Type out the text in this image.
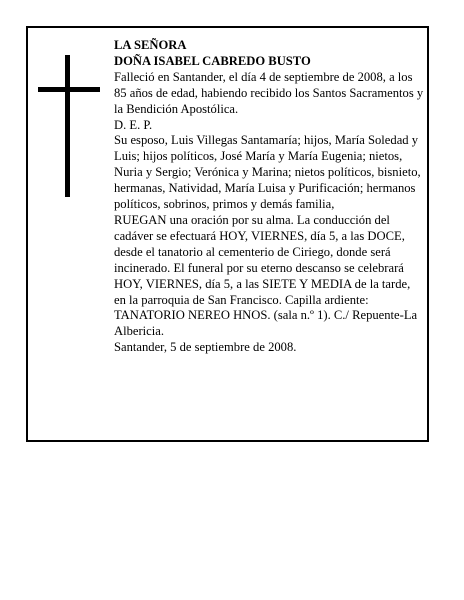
LA SEÑORA

DOÑA ISABEL CABREDO BUSTO

Falleció en Santander, el día 4 de septiembre de 2008, a los 85 años de edad, habiendo recibido los Santos Sacramentos y la Bendición Apostólica.

D. E. P.

Su esposo, Luis Villegas Santamaría; hijos, María Soledad y Luis; hijos políticos, José María y María Eugenia; nietos, Nuria y Sergio; Verónica y Marina; nietos políticos, bisnieto, hermanas, Natividad, María Luisa y Purificación; hermanos políticos, sobrinos, primos y demás familia,

RUEGAN una oración por su alma. La conducción del cadáver se efectuará HOY, VIERNES, día 5, a las DOCE, desde el tanatorio al cementerio de Ciriego, donde será incinerado. El funeral por su eterno descanso se celebrará HOY, VIERNES, día 5, a las SIETE Y MEDIA de la tarde, en la parroquia de San Francisco. Capilla ardiente: TANATORIO NEREO HNOS. (sala n.º 1). C./ Repuente-La Albericia.

Santander, 5 de septiembre de 2008.
